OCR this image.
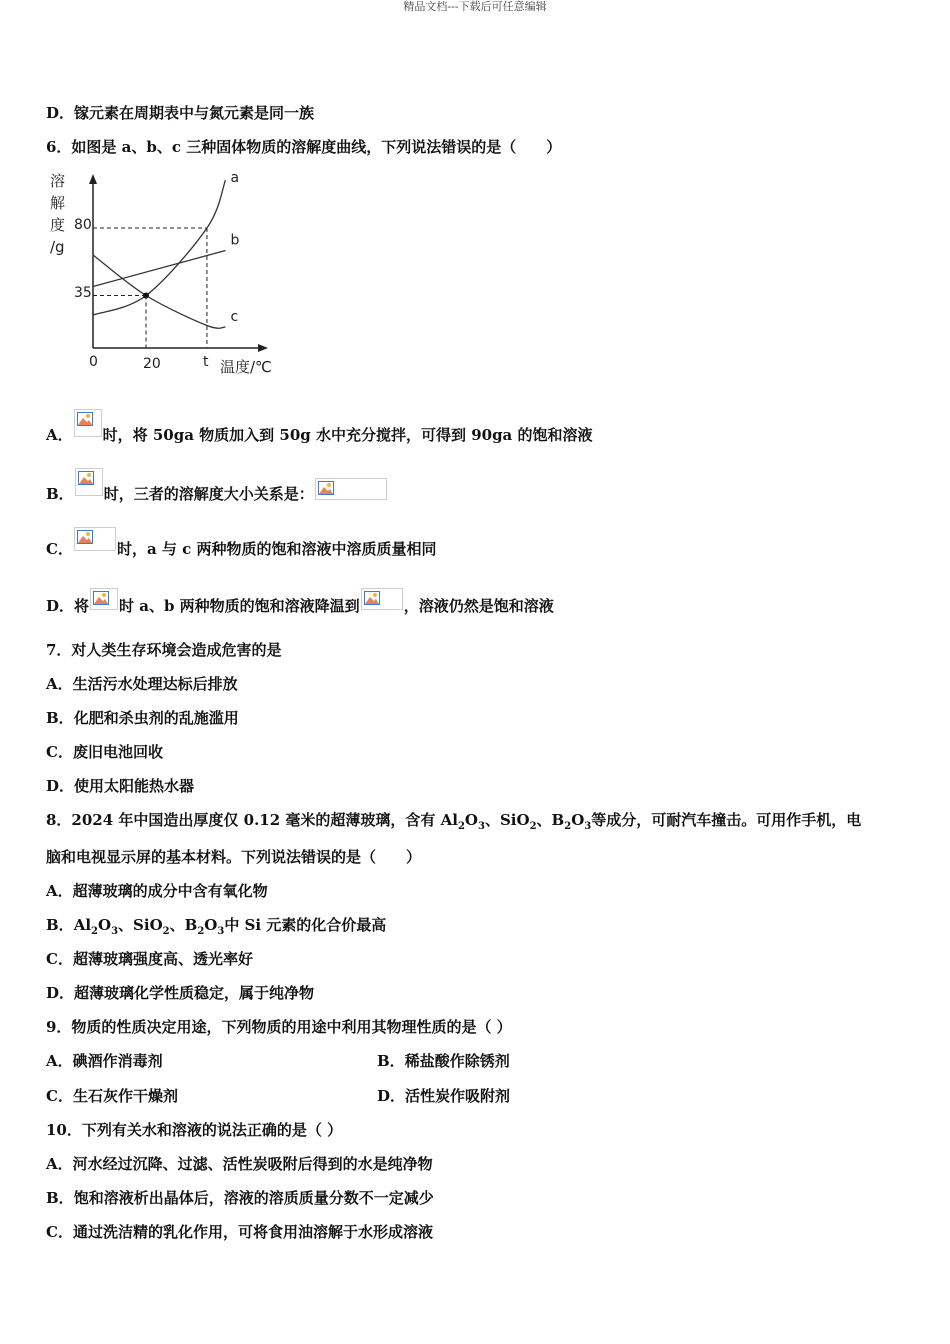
精品文档---下载后可任意编辑
D．镓元素在周期表中与氮元素是同一族
6．如图是 a、b、c 三种固体物质的溶解度曲线，下列说法错误的是（　　）
溶
解
度
/g
a
b
c
80
35
0	20	t 温度/℃
A． 时，将 50ga 物质加入到 50g 水中充分搅拌，可得到 90ga 的饱和溶液
B． 时，三者的溶解度大小关系是：
C．	时，a 与 c 两种物质的饱和溶液中溶质质量相同
D．将 时 a、b 两种物质的饱和溶液降温到	，溶液仍然是饱和溶液
7．对人类生存环境会造成危害的是
A．生活污水处理达标后排放
B．化肥和杀虫剂的乱施滥用
C．废旧电池回收
D．使用太阳能热水器
8．2024 年中国造出厚度仅 0.12 毫米的超薄玻璃，含有 $Al_2O_3$、SiO$_2$、$B_2O_3$等成分，可耐汽车撞击。可用作手机，电
脑和电视显示屏的基本材料。下列说法错误的是（　　）
A．超薄玻璃的成分中含有氧化物
B．$Al_2O_3$、SiO$_2$、$B_2O_3$中 Si 元素的化合价最高
C．超薄玻璃强度高、透光率好
D．超薄玻璃化学性质稳定，属于纯净物
9．物质的性质决定用途，下列物质的用途中利用其物理性质的是（ ）
A．碘酒作消毒剂	B．稀盐酸作除锈剂
C．生石灰作干燥剂	D．活性炭作吸附剂
10．下列有关水和溶液的说法正确的是（ ）
A．河水经过沉降、过滤、活性炭吸附后得到的水是纯净物
B．饱和溶液析出晶体后，溶液的溶质质量分数不一定减少
C．通过洗洁精的乳化作用，可将食用油溶解于水形成溶液
